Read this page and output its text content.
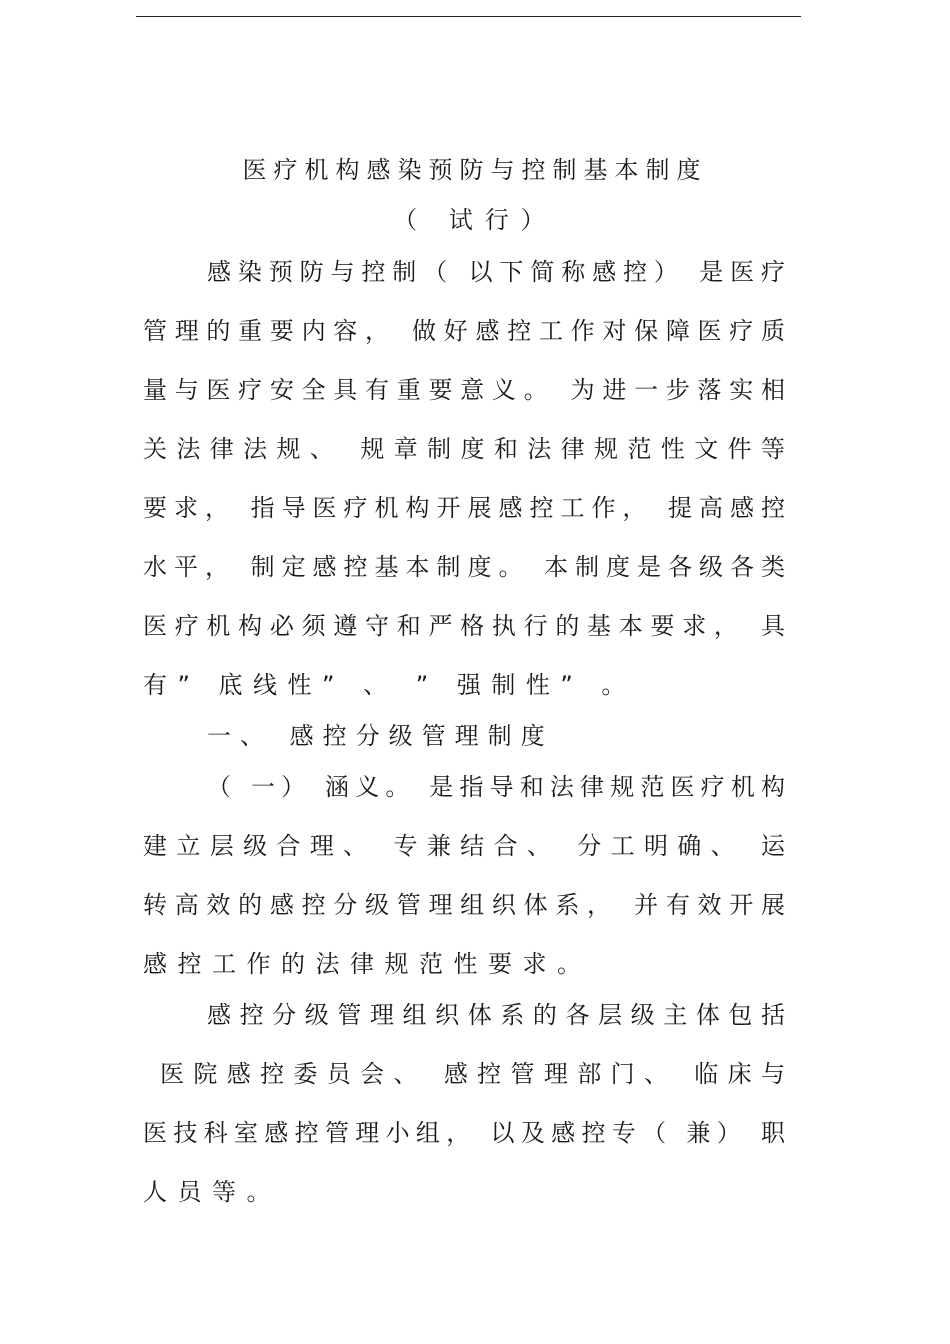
医疗机构感染预防与控制基本制度
（ 试行）
感染预防与控制（ 以下简称感控） 是医疗
管理的重要内容， 做好感控工作对保障医疗质
量与医疗安全具有重要意义。 为进一步落实相
关法律法规、 规章制度和法律规范性文件等
要求， 指导医疗机构开展感控工作， 提高感控
水平， 制定感控基本制度。 本制度是各级各类
医疗机构必须遵守和严格执行的基本要求， 具
有” 底线性” 、 ” 强制性” 。
一、 感控分级管理制度
（ 一） 涵义。 是指导和法律规范医疗机构
建立层级合理、 专兼结合、 分工明确、 运
转高效的感控分级管理组织体系， 并有效开展
感控工作的法律规范性要求。
感控分级管理组织体系的各层级主体包括
医院感控委员会、 感控管理部门、 临床与
医技科室感控管理小组， 以及感控专（ 兼） 职
人员等。
